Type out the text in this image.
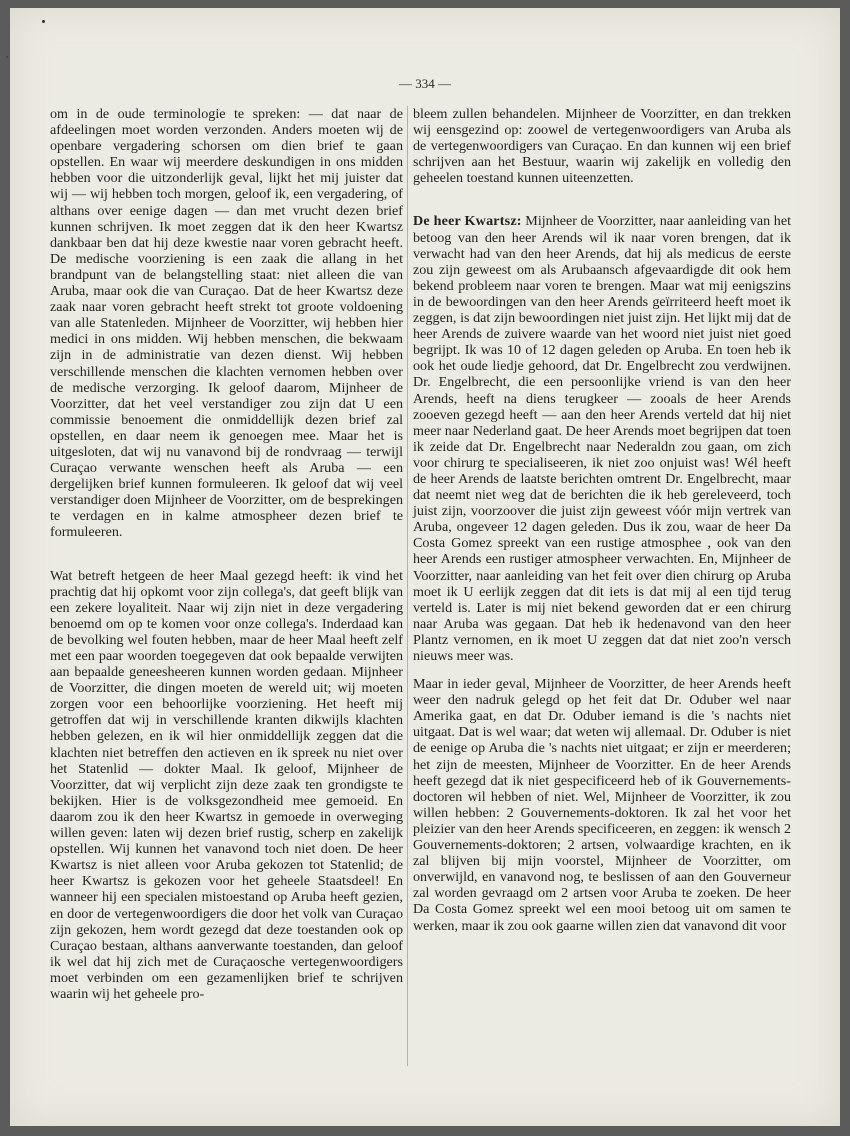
— 334 —

om in de oude terminologie te spreken: — dat naar de afdeelingen moet worden verzonden. Anders moeten wij de openbare vergadering schorsen om dien brief te gaan opstellen. En waar wij meerdere deskundigen in ons midden hebben voor die uitzonderlijk geval, lijkt het mij juister dat wij — wij hebben toch morgen, geloof ik, een vergadering, of althans over eenige dagen — dan met vrucht dezen brief kunnen schrijven. Ik moet zeggen dat ik den heer Kwartsz dankbaar ben dat hij deze kwestie naar voren gebracht heeft. De medische voorziening is een zaak die allang in het brandpunt van de belangstelling staat: niet alleen die van Aruba, maar ook die van Curaçao. Dat de heer Kwartsz deze zaak naar voren gebracht heeft strekt tot groote voldoening van alle Statenleden. Mijnheer de Voorzitter, wij hebben hier medici in ons midden. Wij hebben menschen, die bekwaam zijn in de administratie van dezen dienst. Wij hebben verschillende menschen die klachten vernomen hebben over de medische verzorging. Ik geloof daarom, Mijnheer de Voorzitter, dat het veel verstandiger zou zijn dat U een commissie benoement die onmiddellijk dezen brief zal opstellen, en daar neem ik genoegen mee. Maar het is uitgesloten, dat wij nu vanavond bij de rondvraag — terwijl Curaçao verwante wenschen heeft als Aruba — een dergelijken brief kunnen formuleeren. Ik geloof dat wij veel verstandiger doen Mijnheer de Voorzitter, om de besprekingen te verdagen en in kalme atmospheer dezen brief te formuleeren.

Wat betreft hetgeen de heer Maal gezegd heeft: ik vind het prachtig dat hij opkomt voor zijn collega's, dat geeft blijk van een zekere loyaliteit. Naar wij zijn niet in deze vergadering benoemd om op te komen voor onze collega's. Inderdaad kan de bevolking wel fouten hebben, maar de heer Maal heeft zelf met een paar woorden toegegeven dat ook bepaalde verwijten aan bepaalde geneesheeren kunnen worden gedaan. Mijnheer de Voorzitter, die dingen moeten de wereld uit; wij moeten zorgen voor een behoorlijke voorziening. Het heeft mij getroffen dat wij in verschillende kranten dikwijls klachten hebben gelezen, en ik wil hier onmiddellijk zeggen dat die klachten niet betreffen den actieven en ik spreek nu niet over het Statenlid — dokter Maal. Ik geloof, Mijnheer de Voorzitter, dat wij verplicht zijn deze zaak ten grondigste te bekijken. Hier is de volksgezondheid mee gemoeid. En daarom zou ik den heer Kwartsz in gemoede in overweging willen geven: laten wij dezen brief rustig, scherp en zakelijk opstellen. Wij kunnen het vanavond toch niet doen. De heer Kwartsz is niet alleen voor Aruba gekozen tot Statenlid; de heer Kwartsz is gekozen voor het geheele Staatsdeel! En wanneer hij een specialen mistoestand op Aruba heeft gezien, en door de vertegenwoordigers die door het volk van Curaçao zijn gekozen, hem wordt gezegd dat deze toestanden ook op Curaçao bestaan, althans aanverwante toestanden, dan geloof ik wel dat hij zich met de Curaçaosche vertegenwoordigers moet verbinden om een gezamenlijken brief te schrijven waarin wij het geheele pro-

bleem zullen behandelen. Mijnheer de Voorzitter, en dan trekken wij eensgezind op: zoowel de vertegenwoordigers van Aruba als de vertegenwoordigers van Curaçao. En dan kunnen wij een brief schrijven aan het Bestuur, waarin wij zakelijk en volledig den geheelen toestand kunnen uiteenzetten.

De heer Kwartsz: Mijnheer de Voorzitter, naar aanleiding van het betoog van den heer Arends wil ik naar voren brengen, dat ik verwacht had van den heer Arends, dat hij als medicus de eerste zou zijn geweest om als Arubaansch afgevaardigde dit ook hem bekend probleem naar voren te brengen. Maar wat mij eenigszins in de bewoordingen van den heer Arends geïrriteerd heeft moet ik zeggen, is dat zijn bewoordingen niet juist zijn. Het lijkt mij dat de heer Arends de zuivere waarde van het woord niet juist niet goed begrijpt. Ik was 10 of 12 dagen geleden op Aruba. En toen heb ik ook het oude liedje gehoord, dat Dr. Engelbrecht zou verdwijnen. Dr. Engelbrecht, die een persoonlijke vriend is van den heer Arends, heeft na diens terugkeer — zooals de heer Arends zooeven gezegd heeft — aan den heer Arends verteld dat hij niet meer naar Nederland gaat. De heer Arends moet begrijpen dat toen ik zeide dat Dr. Engelbrecht naar Nederaldn zou gaan, om zich voor chirurg te specialiseeren, ik niet zoo onjuist was! Wél heeft de heer Arends de laatste berichten omtrent Dr. Engelbrecht, maar dat neemt niet weg dat de berichten die ik heb gereleveerd, toch juist zijn, voorzoover die juist zijn geweest vóór mijn vertrek van Aruba, ongeveer 12 dagen geleden. Dus ik zou, waar de heer Da Costa Gomez spreekt van een rustige atmosphee , ook van den heer Arends een rustiger atmospheer verwachten. En, Mijnheer de Voorzitter, naar aanleiding van het feit over dien chirurg op Aruba moet ik U eerlijk zeggen dat dit iets is dat mij al een tijd terug verteld is. Later is mij niet bekend geworden dat er een chirurg naar Aruba was gegaan. Dat heb ik hedenavond van den heer Plantz vernomen, en ik moet U zeggen dat dat niet zoo'n versch nieuws meer was.

Maar in ieder geval, Mijnheer de Voorzitter, de heer Arends heeft weer den nadruk gelegd op het feit dat Dr. Oduber wel naar Amerika gaat, en dat Dr. Oduber iemand is die 's nachts niet uitgaat. Dat is wel waar; dat weten wij allemaal. Dr. Oduber is niet de eenige op Aruba die 's nachts niet uitgaat; er zijn er meerderen; het zijn de meesten, Mijnheer de Voorzitter. En de heer Arends heeft gezegd dat ik niet gespecificeerd heb of ik Gouvernements-doctoren wil hebben of niet. Wel, Mijnheer de Voorzitter, ik zou willen hebben: 2 Gouvernements-doktoren. Ik zal het voor het pleizier van den heer Arends specificeeren, en zeggen: ik wensch 2 Gouvernements-doktoren; 2 artsen, volwaardige krachten, en ik zal blijven bij mijn voorstel, Mijnheer de Voorzitter, om onverwijld, en vanavond nog, te beslissen of aan den Gouverneur zal worden gevraagd om 2 artsen voor Aruba te zoeken. De heer Da Costa Gomez spreekt wel een mooi betoog uit om samen te werken, maar ik zou ook gaarne willen zien dat vanavond dit voor
